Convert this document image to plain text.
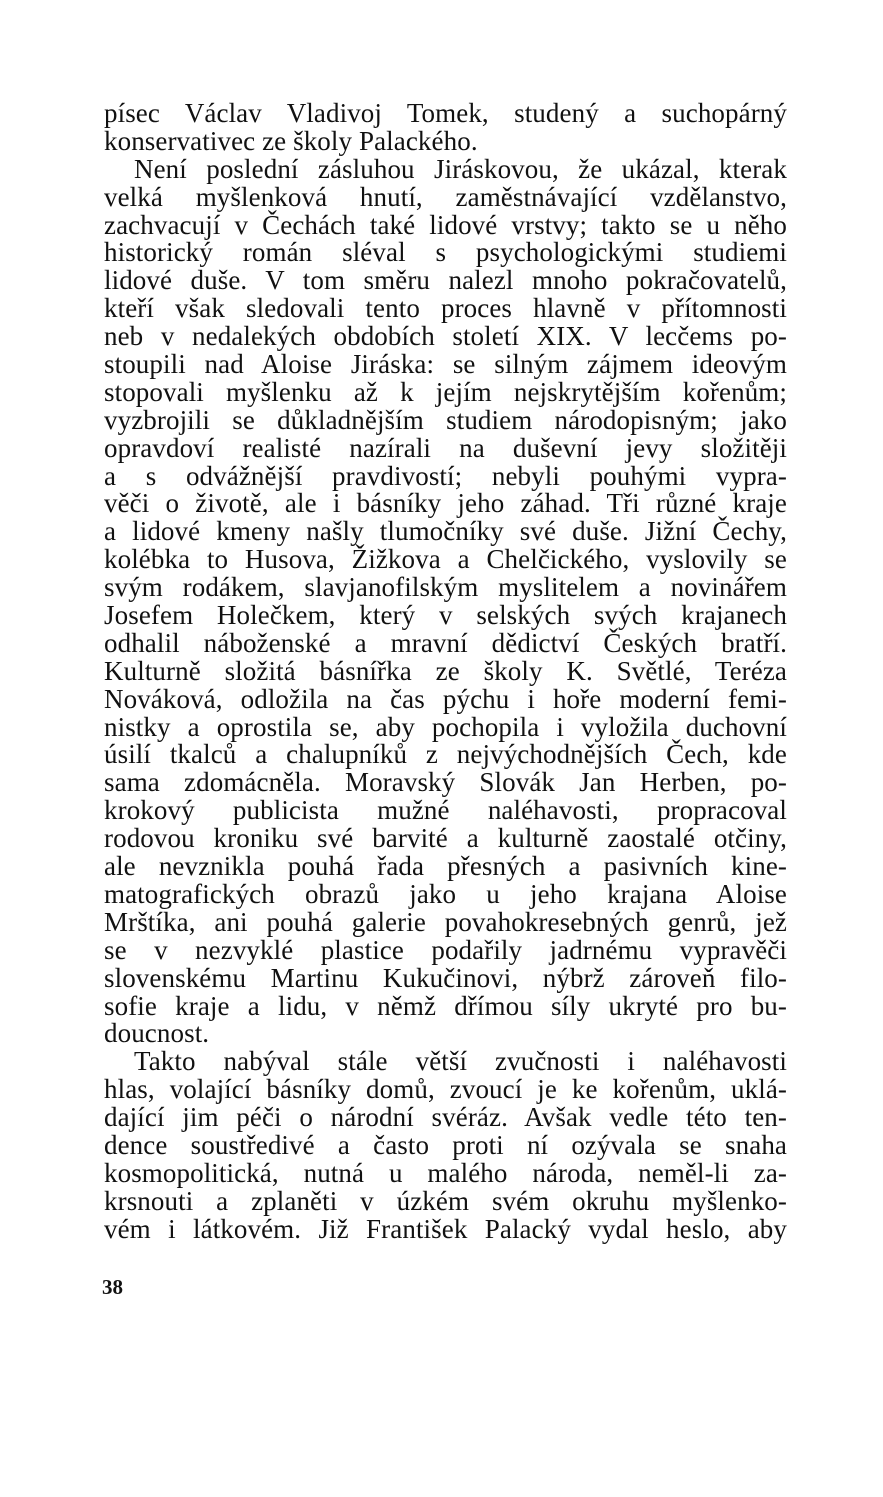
písec Václav Vladivoj Tomek, studený a suchopárný
konservativec ze školy Palackého.
Není poslední zásluhou Jiráskovou, že ukázal, kterak
velká myšlenková hnutí, zaměstnávající vzdělanstvo,
zachvacují v Čechách také lidové vrstvy; takto se u něho
historický román sléval s psychologickými studiemi
lidové duše. V tom směru nalezl mnoho pokračovatelů,
kteří však sledovali tento proces hlavně v přítomnosti
neb v nedalekých obdobích století XIX. V lecčems po-
stoupili nad Aloise Jiráska: se silným zájmem ideovým
stopovali myšlenku až k jejím nejskrytějším kořenům;
vyzbrojili se důkladnějším studiem národopisným; jako
opravdoví realisté nazírali na duševní jevy složitěji
a s odvážnější pravdivostí; nebyli pouhými vypra-
věči o životě, ale i básníky jeho záhad. Tři různé kraje
a lidové kmeny našly tlumočníky své duše. Jižní Čechy,
kolébka to Husova, Žižkova a Chelčického, vyslovily se
svým rodákem, slavjanofilským myslitelem a novinářem
Josefem Holečkem, který v selských svých krajanech
odhalil náboženské a mravní dědictví Českých bratří.
Kulturně složitá básnířka ze školy K. Světlé, Teréza
Nováková, odložila na čas pýchu i hoře moderní femi-
nistky a oprostila se, aby pochopila i vyložila duchovní
úsilí tkalců a chalupníků z nejvýchodnějších Čech, kde
sama zdomácněla. Moravský Slovák Jan Herben, po-
krokový publicista mužné naléhavosti, propracoval
rodovou kroniku své barvité a kulturně zaostalé otčiny,
ale nevznikla pouhá řada přesných a pasivních kine-
matografických obrazů jako u jeho krajana Aloise
Mrštíka, ani pouhá galerie povahokresebných genrů, jež
se v nezvyklé plastice podařily jadrnému vypravěči
slovenskému Martinu Kukučinovi, nýbrž zároveň filo-
sofie kraje a lidu, v němž dřímou síly ukryté pro bu-
doucnost.
Takto nabýval stále větší zvučnosti i naléhavosti
hlas, volající básníky domů, zvoucí je ke kořenům, uklá-
dající jim péči o národní svéráz. Avšak vedle této ten-
dence soustředivé a často proti ní ozývala se snaha
kosmopolitická, nutná u malého národa, neměl-li za-
krsnouti a zplaněti v úzkém svém okruhu myšlenko-
vém i látkovém. Již František Palacký vydal heslo, aby
38
